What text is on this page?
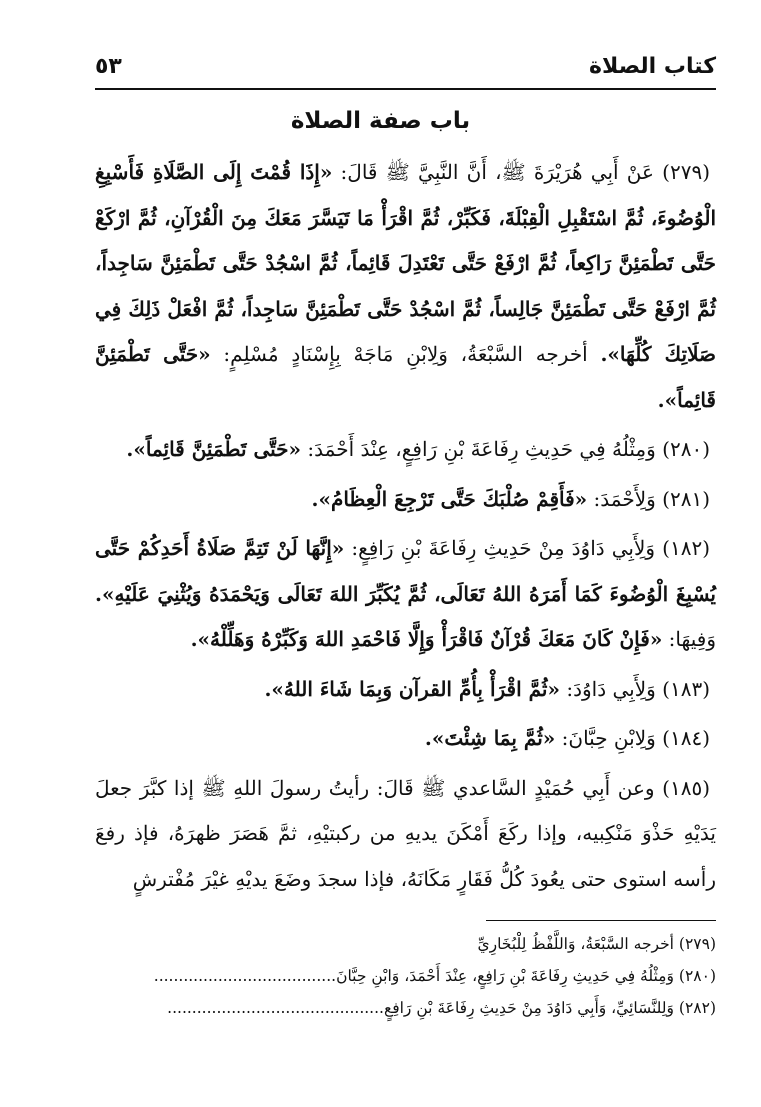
كتاب الصلاة
٥٣
باب صفة الصلاة

(٢٧٩) عَنْ أَبِي هُرَيْرَةَ ﷺ، أَنَّ النَّبِيَّ ﷺ قَالَ: «إِذَا قُمْتَ إِلَى الصَّلَاةِ فَأَسْبِغِ الْوُضُوءَ، ثُمَّ اسْتَقْبِلِ الْقِبْلَةَ، فَكَبِّرْ، ثُمَّ اقْرَأْ مَا تَيَسَّرَ مَعَكَ مِنَ الْقُرْآنِ، ثُمَّ ارْكَعْ حَتَّى تَطْمَئِنَّ رَاكِعاً، ثُمَّ ارْفَعْ حَتَّى تَعْتَدِلَ قَائِماً، ثُمَّ اسْجُدْ حَتَّى تَطْمَئِنَّ سَاجِداً، ثُمَّ ارْفَعْ حَتَّى تَطْمَئِنَّ جَالِساً، ثُمَّ اسْجُدْ حَتَّى تَطْمَئِنَّ سَاجِداً، ثُمَّ افْعَلْ ذَلِكَ فِي صَلَاتِكَ كُلِّهَا». أخرجه السَّبْعَةُ، وَلِابْنِ مَاجَهْ بِإِسْنَادٍ مُسْلِمٍ: «حَتَّى تَطْمَئِنَّ قَائِماً».

(٢٨٠) وَمِثْلُهُ فِي حَدِيثِ رِفَاعَةَ بْنِ رَافِعٍ، عِنْدَ أَحْمَدَ: «حَتَّى تَطْمَئِنَّ قَائِماً».

(٢٨١) وَلِأَحْمَدَ: «فَأَقِمْ صُلْبَكَ حَتَّى تَرْجِعَ الْعِظَامُ».

(١٨٢) وَلِأَبِي دَاوُدَ مِنْ حَدِيثِ رِفَاعَةَ بْنِ رَافِعٍ: «إِنَّهَا لَنْ تَتِمَّ صَلَاةُ أَحَدِكُمْ حَتَّى يُسْبِغَ الْوُضُوءَ كَمَا أَمَرَهُ اللهُ تَعَالَى، ثُمَّ يُكَبِّرَ اللهَ تَعَالَى وَيَحْمَدَهُ وَيُثْنِيَ عَلَيْهِ». وَفِيهَا: «فَإِنْ كَانَ مَعَكَ قُرْآنٌ فَاقْرَأْ وَإِلَّا فَاحْمَدِ اللهَ وَكَبِّرْهُ وَهَلِّلْهُ».

(١٨٣) وَلِأَبِي دَاوُدَ: «ثُمَّ اقْرَأْ بِأُمِّ القرآن وَبِمَا شَاءَ اللهُ».

(١٨٤) وَلِابْنِ حِبَّانَ: «ثُمَّ بِمَا شِئْتَ».

(١٨٥) وعن أَبِي حُمَيْدٍ السَّاعدي ﷺ قَالَ: رأيتُ رسولَ اللهِ ﷺ إذا كبَّرَ جعلَ يَدَيْهِ حَذْوَ مَنْكِبيه، وإذا ركَعَ أَمْكَنَ يديهِ من ركبتيْهِ، ثمَّ هَصَرَ ظهرَهُ، فإذ رفعَ رأسه استوى حتى يعُودَ كُلُّ فَقَارٍ مَكَانَهُ، فإذا سجدَ وضَعَ يديْهِ غيْرَ مُفْترشٍ

(٢٧٩) أخرجه السَّبْعَةُ، وَاللَّفْظُ لِلْبُخَارِيِّ

(٢٨٠) وَمِثْلُهُ فِي حَدِيثِ رِفَاعَةَ بْنِ رَافِعٍ، عِنْدَ أَحْمَدَ، وَابْنِ حِبَّانَ.....................................

(٢٨٢) وَلِلنَّسَائِيِّ، وَأَبِي دَاوُدَ مِنْ حَدِيثِ رِفَاعَةَ بْنِ رَافِعٍ............................................
